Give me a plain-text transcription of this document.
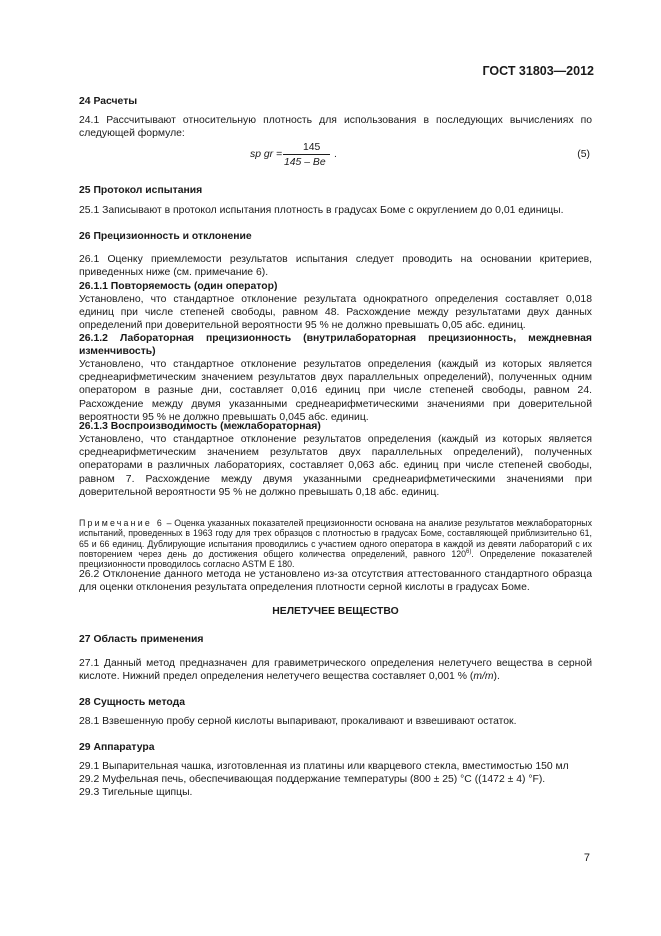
ГОСТ 31803—2012
24 Расчеты
24.1 Рассчитывают относительную плотность для использования в последующих вычислениях по следующей формуле:
sp gr =
145
145 – Be
.	(5)
25 Протокол испытания
25.1 Записывают в протокол испытания плотность в градусах Боме с округлением до 0,01 единицы.
26 Прецизионность и отклонение
26.1 Оценку приемлемости результатов испытания следует проводить на основании критериев, приведенных ниже (см. примечание 6).
26.1.1 Повторяемость (один оператор)
Установлено, что стандартное отклонение результата однократного определения составляет 0,018 единиц при числе степеней свободы, равном 48. Расхождение между результатами двух данных определений при доверительной вероятности 95 % не должно превышать 0,05 абс. единиц.
26.1.2 Лабораторная прецизионность (внутрилабораторная прецизионность, междневная изменчивость)
Установлено, что стандартное отклонение результатов определения (каждый из которых является среднеарифметическим значением результатов двух параллельных определений), полученных одним оператором в разные дни, составляет 0,016 единиц при числе степеней свободы, равном 24. Расхождение между двумя указанными среднеарифметическими значениями при доверительной вероятности 95 % не должно превышать 0,045 абс. единиц.
26.1.3 Воспроизводимость (межлабораторная)
Установлено, что стандартное отклонение результатов определения (каждый из которых является среднеарифметическим значением результатов двух параллельных определений), полученных операторами в различных лабораториях, составляет 0,063 абс. единиц при числе степеней свободы, равном 7. Расхождение между двумя указанными среднеарифметическими значениями при доверительной вероятности 95 % не должно превышать 0,18 абс. единиц.
Примечание 6 – Оценка указанных показателей прецизионности основана на анализе результатов межлабораторных испытаний, проведенных в 1963 году для трех образцов с плотностью в градусах Боме, составляющей приблизительно 61, 65 и 66 единиц. Дублирующие испытания проводились с участием одного оператора в каждой из девяти лабораторий с их повторением через день до достижения общего количества определений, равного 120$^{6)}$. Определение показателей прецизионности проводилось согласно ASTM E 180.
26.2 Отклонение данного метода не установлено из-за отсутствия аттестованного стандартного образца для оценки отклонения результата определения плотности серной кислоты в градусах Боме.
НЕЛЕТУЧЕЕ ВЕЩЕСТВО
27 Область применения
27.1 Данный метод предназначен для гравиметрического определения нелетучего вещества в серной кислоте. Нижний предел определения нелетучего вещества составляет 0,001 % (m/m).
28 Сущность метода
28.1 Взвешенную пробу серной кислоты выпаривают, прокаливают и взвешивают остаток.
29 Аппаратура
29.1 Выпарительная чашка, изготовленная из платины или кварцевого стекла, вместимостью 150 мл
29.2 Муфельная печь, обеспечивающая поддержание температуры (800 ± 25) °C ((1472 ± 4) °F).
29.3 Тигельные щипцы.
7
